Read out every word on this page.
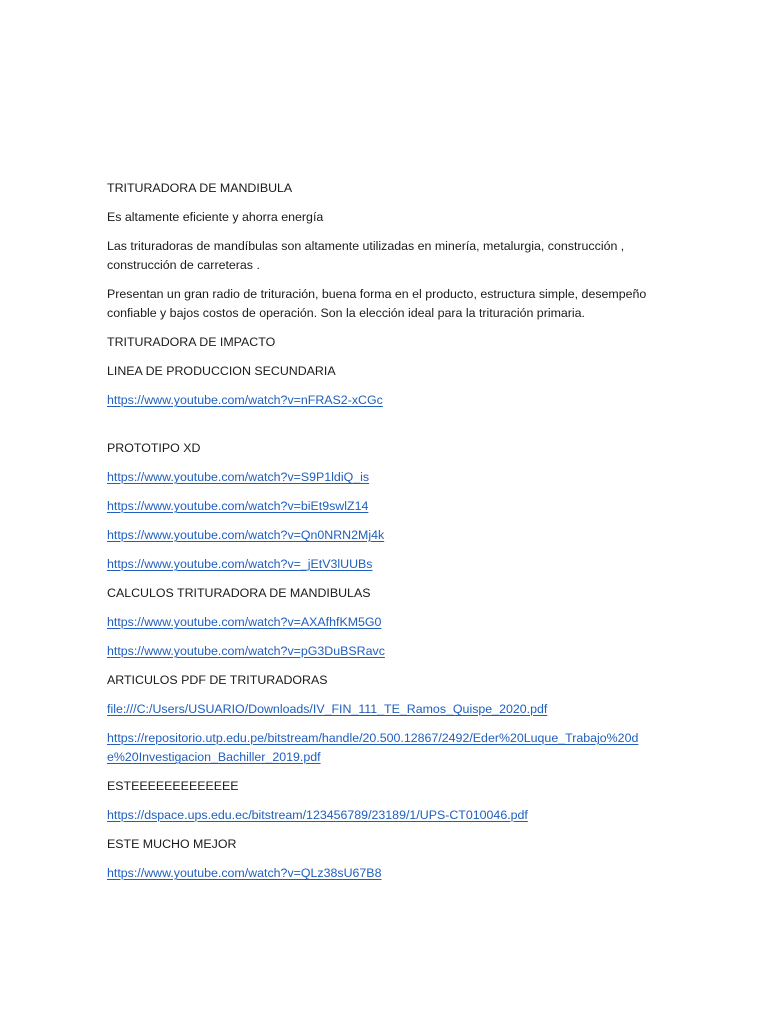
TRITURADORA DE MANDIBULA

Es altamente eficiente y ahorra energía

Las trituradoras de mandíbulas son altamente utilizadas en minería, metalurgia, construcción , construcción de carreteras .

Presentan un gran radio de trituración, buena forma en el producto, estructura simple, desempeño confiable y bajos costos de operación. Son la elección ideal para la trituración primaria.

TRITURADORA DE IMPACTO

LINEA DE PRODUCCION SECUNDARIA

https://www.youtube.com/watch?v=nFRAS2-xCGc

PROTOTIPO XD

https://www.youtube.com/watch?v=S9P1ldiQ_is

https://www.youtube.com/watch?v=biEt9swlZ14

https://www.youtube.com/watch?v=Qn0NRN2Mj4k

https://www.youtube.com/watch?v=_jEtV3lUUBs

CALCULOS TRITURADORA DE MANDIBULAS

https://www.youtube.com/watch?v=AXAfhfKM5G0

https://www.youtube.com/watch?v=pG3DuBSRavc

ARTICULOS PDF DE TRITURADORAS

file:///C:/Users/USUARIO/Downloads/IV_FIN_111_TE_Ramos_Quispe_2020.pdf

https://repositorio.utp.edu.pe/bitstream/handle/20.500.12867/2492/Eder%20Luque_Trabajo%20de%20Investigacion_Bachiller_2019.pdf

ESTEEEEEEEEEEEEE

https://dspace.ups.edu.ec/bitstream/123456789/23189/1/UPS-CT010046.pdf

ESTE MUCHO MEJOR

https://www.youtube.com/watch?v=QLz38sU67B8
